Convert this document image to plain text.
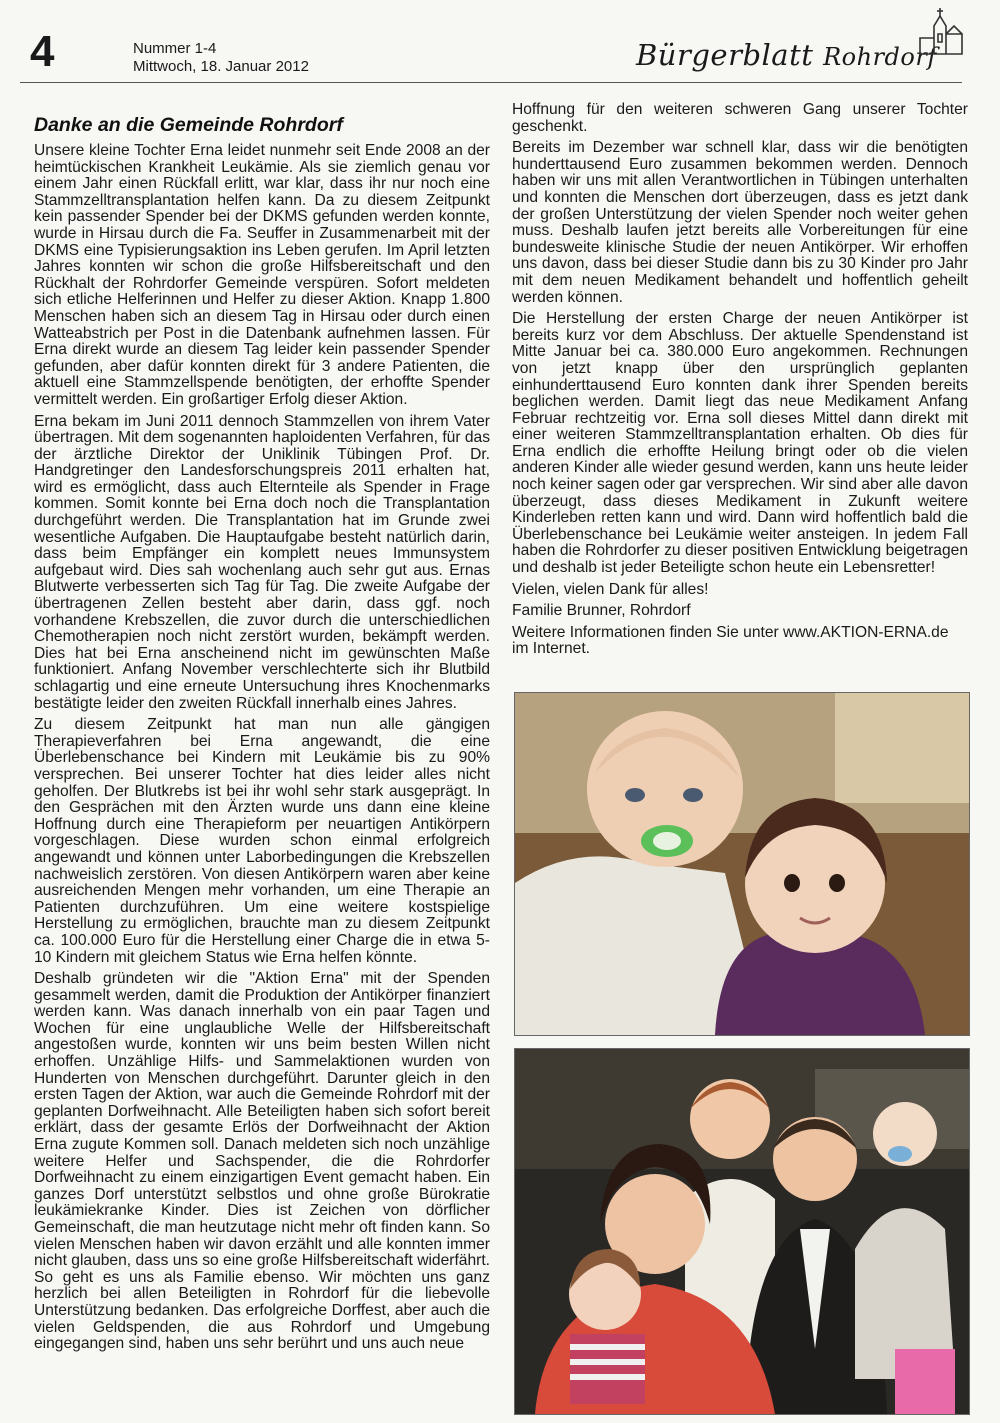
4	Nummer 1-4
Mittwoch, 18. Januar 2012	Bürgerblatt Rohrdorf
Danke an die Gemeinde Rohrdorf

Unsere kleine Tochter Erna leidet nunmehr seit Ende 2008 an der heimtückischen Krankheit Leukämie. Als sie ziemlich genau vor einem Jahr einen Rückfall erlitt, war klar, dass ihr nur noch eine Stammzelltransplantation helfen kann. Da zu diesem Zeitpunkt kein passender Spender bei der DKMS gefunden werden konnte, wurde in Hirsau durch die Fa. Seuffer in Zusammenarbeit mit der DKMS eine Typisierungsaktion ins Leben gerufen. Im April letzten Jahres konnten wir schon die große Hilfsbereitschaft und den Rückhalt der Rohrdorfer Gemeinde verspüren. Sofort meldeten sich etliche Helferinnen und Helfer zu dieser Aktion. Knapp 1.800 Menschen haben sich an diesem Tag in Hirsau oder durch einen Watteabstrich per Post in die Datenbank aufnehmen lassen. Für Erna direkt wurde an diesem Tag leider kein passender Spender gefunden, aber dafür konnten direkt für 3 andere Patienten, die aktuell eine Stammzellspende benötigten, der erhoffte Spender vermittelt werden. Ein großartiger Erfolg dieser Aktion.

Erna bekam im Juni 2011 dennoch Stammzellen von ihrem Vater übertragen. Mit dem sogenannten haploidenten Verfahren, für das der ärztliche Direktor der Uniklinik Tübingen Prof. Dr. Handgretinger den Landesforschungspreis 2011 erhalten hat, wird es ermöglicht, dass auch Elternteile als Spender in Frage kommen. Somit konnte bei Erna doch noch die Transplantation durchgeführt werden. Die Transplantation hat im Grunde zwei wesentliche Aufgaben. Die Hauptaufgabe besteht natürlich darin, dass beim Empfänger ein komplett neues Immunsystem aufgebaut wird. Dies sah wochenlang auch sehr gut aus. Ernas Blutwerte verbesserten sich Tag für Tag. Die zweite Aufgabe der übertragenen Zellen besteht aber darin, dass ggf. noch vorhandene Krebszellen, die zuvor durch die unterschiedlichen Chemotherapien noch nicht zerstört wurden, bekämpft werden. Dies hat bei Erna anscheinend nicht im gewünschten Maße funktioniert. Anfang November verschlechterte sich ihr Blutbild schlagartig und eine erneute Untersuchung ihres Knochenmarks bestätigte leider den zweiten Rückfall innerhalb eines Jahres.

Zu diesem Zeitpunkt hat man nun alle gängigen Therapieverfahren bei Erna angewandt, die eine Überlebenschance bei Kindern mit Leukämie bis zu 90% versprechen. Bei unserer Tochter hat dies leider alles nicht geholfen. Der Blutkrebs ist bei ihr wohl sehr stark ausgeprägt. In den Gesprächen mit den Ärzten wurde uns dann eine kleine Hoffnung durch eine Therapieform per neuartigen Antikörpern vorgeschlagen. Diese wurden schon einmal erfolgreich angewandt und können unter Laborbedingungen die Krebszellen nachweislich zerstören. Von diesen Antikörpern waren aber keine ausreichenden Mengen mehr vorhanden, um eine Therapie an Patienten durchzuführen. Um eine weitere kostspielige Herstellung zu ermöglichen, brauchte man zu diesem Zeitpunkt ca. 100.000 Euro für die Herstellung einer Charge die in etwa 5-10 Kindern mit gleichem Status wie Erna helfen könnte.

Deshalb gründeten wir die "Aktion Erna" mit der Spenden gesammelt werden, damit die Produktion der Antikörper finanziert werden kann. Was danach innerhalb von ein paar Tagen und Wochen für eine unglaubliche Welle der Hilfsbereitschaft angestoßen wurde, konnten wir uns beim besten Willen nicht erhoffen. Unzählige Hilfs- und Sammelaktionen wurden von Hunderten von Menschen durchgeführt. Darunter gleich in den ersten Tagen der Aktion, war auch die Gemeinde Rohrdorf mit der geplanten Dorfweihnacht. Alle Beteiligten haben sich sofort bereit erklärt, dass der gesamte Erlös der Dorfweihnacht der Aktion Erna zugute Kommen soll. Danach meldeten sich noch unzählige weitere Helfer und Sachspender, die die Rohrdorfer Dorfweihnacht zu einem einzigartigen Event gemacht haben. Ein ganzes Dorf unterstützt selbstlos und ohne große Bürokratie leukämiekranke Kinder. Dies ist Zeichen von dörflicher Gemeinschaft, die man heutzutage nicht mehr oft finden kann. So vielen Menschen haben wir davon erzählt und alle konnten immer nicht glauben, dass uns so eine große Hilfsbereitschaft widerfährt. So geht es uns als Familie ebenso. Wir möchten uns ganz herzlich bei allen Beteiligten in Rohrdorf für die liebevolle Unterstützung bedanken. Das erfolgreiche Dorffest, aber auch die vielen Geldspenden, die aus Rohrdorf und Umgebung eingegangen sind, haben uns sehr berührt und uns auch neue

Hoffnung für den weiteren schweren Gang unserer Tochter geschenkt.

Bereits im Dezember war schnell klar, dass wir die benötigten hunderttausend Euro zusammen bekommen werden. Dennoch haben wir uns mit allen Verantwortlichen in Tübingen unterhalten und konnten die Menschen dort überzeugen, dass es jetzt dank der großen Unterstützung der vielen Spender noch weiter gehen muss. Deshalb laufen jetzt bereits alle Vorbereitungen für eine bundesweite klinische Studie der neuen Antikörper. Wir erhoffen uns davon, dass bei dieser Studie dann bis zu 30 Kinder pro Jahr mit dem neuen Medikament behandelt und hoffentlich geheilt werden können.

Die Herstellung der ersten Charge der neuen Antikörper ist bereits kurz vor dem Abschluss. Der aktuelle Spendenstand ist Mitte Januar bei ca. 380.000 Euro angekommen. Rechnungen von jetzt knapp über den ursprünglich geplanten einhunderttausend Euro konnten dank ihrer Spenden bereits beglichen werden. Damit liegt das neue Medikament Anfang Februar rechtzeitig vor. Erna soll dieses Mittel dann direkt mit einer weiteren Stammzelltransplantation erhalten. Ob dies für Erna endlich die erhoffte Heilung bringt oder ob die vielen anderen Kinder alle wieder gesund werden, kann uns heute leider noch keiner sagen oder gar versprechen. Wir sind aber alle davon überzeugt, dass dieses Medikament in Zukunft weitere Kinderleben retten kann und wird. Dann wird hoffentlich bald die Überlebenschance bei Leukämie weiter ansteigen. In jedem Fall haben die Rohrdorfer zu dieser positiven Entwicklung beigetragen und deshalb ist jeder Beteiligte schon heute ein Lebensretter!

Vielen, vielen Dank für alles!

Familie Brunner, Rohrdorf

Weitere Informationen finden Sie unter www.AKTION-ERNA.de im Internet.
